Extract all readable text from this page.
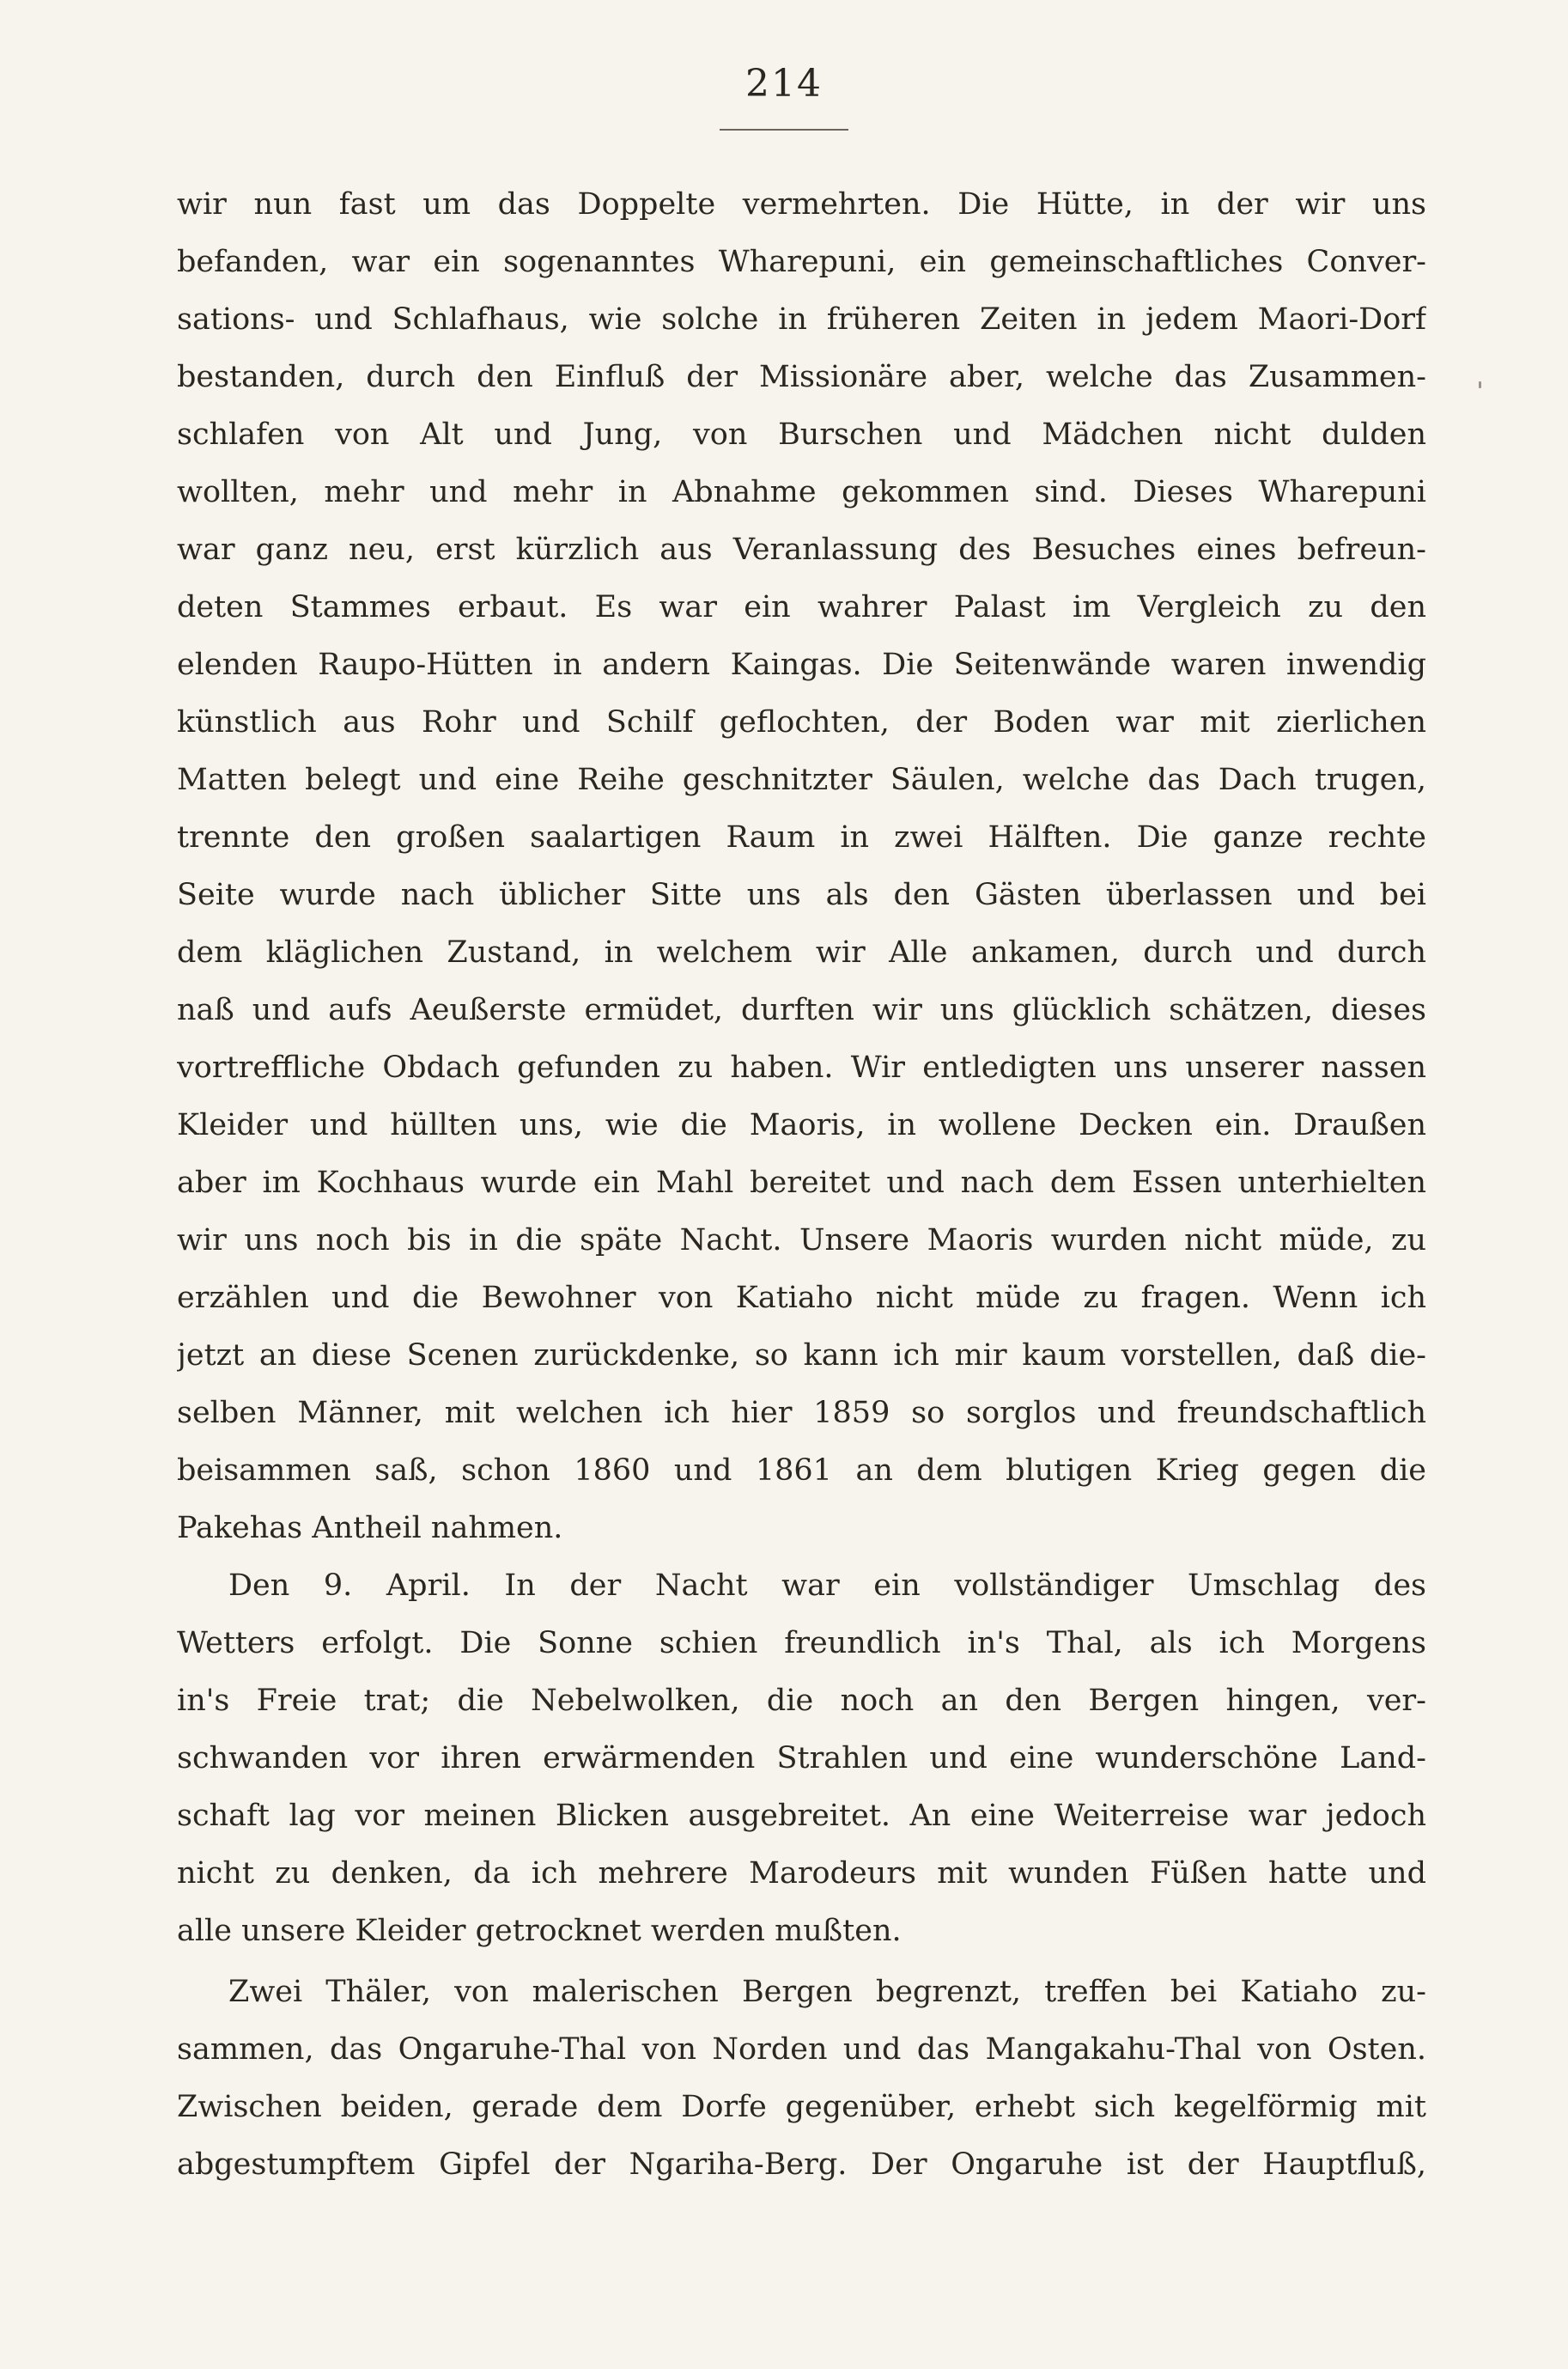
214
wir nun fast um das Doppelte vermehrten. Die Hütte, in der wir uns
befanden, war ein sogenanntes Wharepuni, ein gemeinschaftliches Conver-
sations- und Schlafhaus, wie solche in früheren Zeiten in jedem Maori-Dorf
bestanden, durch den Einfluß der Missionäre aber, welche das Zusammen-
schlafen von Alt und Jung, von Burschen und Mädchen nicht dulden
wollten, mehr und mehr in Abnahme gekommen sind. Dieses Wharepuni
war ganz neu, erst kürzlich aus Veranlassung des Besuches eines befreun-
deten Stammes erbaut. Es war ein wahrer Palast im Vergleich zu den
elenden Raupo-Hütten in andern Kaingas. Die Seitenwände waren inwendig
künstlich aus Rohr und Schilf geflochten, der Boden war mit zierlichen
Matten belegt und eine Reihe geschnitzter Säulen, welche das Dach trugen,
trennte den großen saalartigen Raum in zwei Hälften. Die ganze rechte
Seite wurde nach üblicher Sitte uns als den Gästen überlassen und bei
dem kläglichen Zustand, in welchem wir Alle ankamen, durch und durch
naß und aufs Aeußerste ermüdet, durften wir uns glücklich schätzen, dieses
vortreffliche Obdach gefunden zu haben. Wir entledigten uns unserer nassen
Kleider und hüllten uns, wie die Maoris, in wollene Decken ein. Draußen
aber im Kochhaus wurde ein Mahl bereitet und nach dem Essen unterhielten
wir uns noch bis in die späte Nacht. Unsere Maoris wurden nicht müde, zu
erzählen und die Bewohner von Katiaho nicht müde zu fragen. Wenn ich
jetzt an diese Scenen zurückdenke, so kann ich mir kaum vorstellen, daß die-
selben Männer, mit welchen ich hier 1859 so sorglos und freundschaftlich
beisammen saß, schon 1860 und 1861 an dem blutigen Krieg gegen die
Pakehas Antheil nahmen.
Den 9. April. In der Nacht war ein vollständiger Umschlag des
Wetters erfolgt. Die Sonne schien freundlich in's Thal, als ich Morgens
in's Freie trat; die Nebelwolken, die noch an den Bergen hingen, ver-
schwanden vor ihren erwärmenden Strahlen und eine wunderschöne Land-
schaft lag vor meinen Blicken ausgebreitet. An eine Weiterreise war jedoch
nicht zu denken, da ich mehrere Marodeurs mit wunden Füßen hatte und
alle unsere Kleider getrocknet werden mußten.
Zwei Thäler, von malerischen Bergen begrenzt, treffen bei Katiaho zu-
sammen, das Ongaruhe-Thal von Norden und das Mangakahu-Thal von Osten.
Zwischen beiden, gerade dem Dorfe gegenüber, erhebt sich kegelförmig mit
abgestumpftem Gipfel der Ngariha-Berg. Der Ongaruhe ist der Hauptfluß,
